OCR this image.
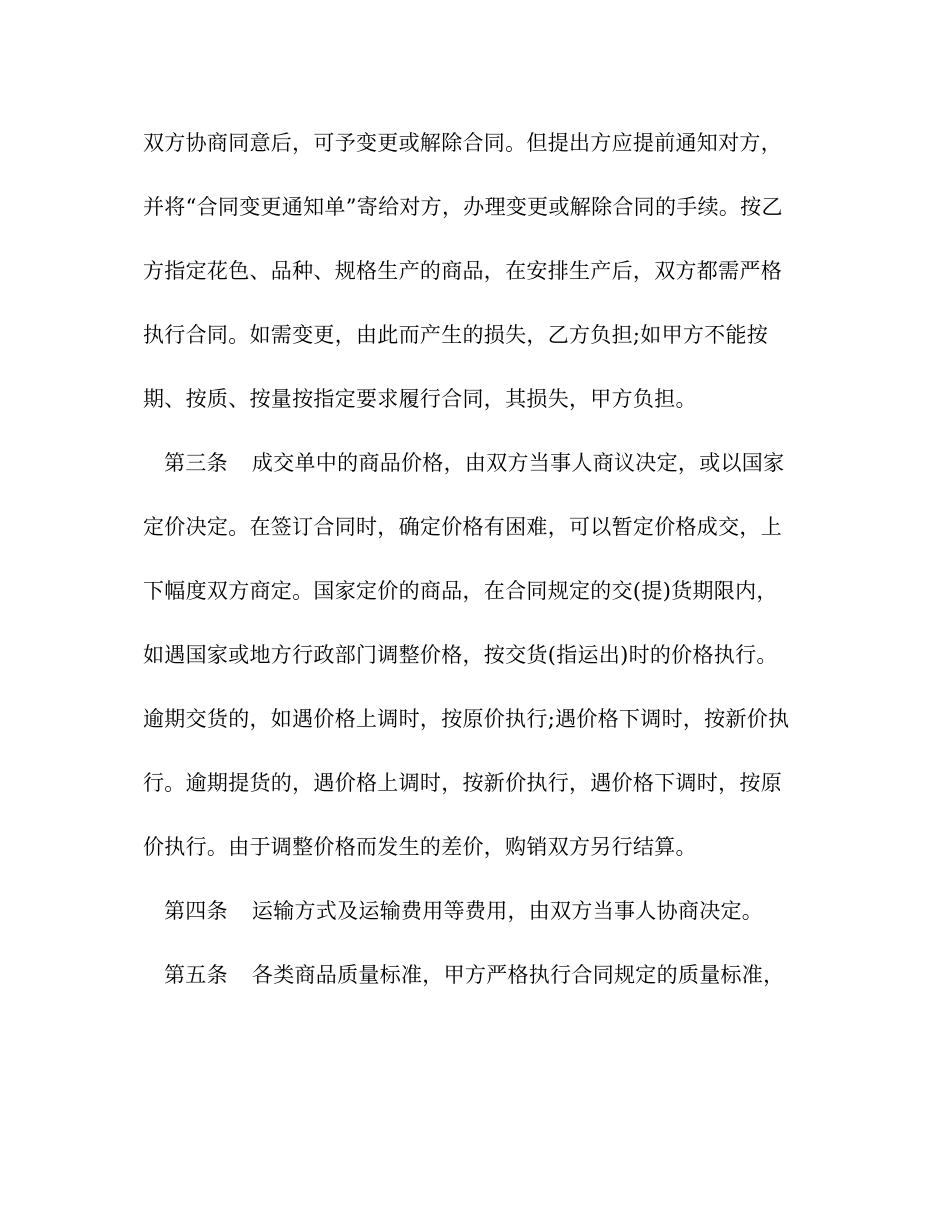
双方协商同意后，可予变更或解除合同。但提出方应提前通知对方，
并将“合同变更通知单”寄给对方，办理变更或解除合同的手续。按乙
方指定花色、品种、规格生产的商品，在安排生产后，双方都需严格
执行合同。如需变更，由此而产生的损失，乙方负担;如甲方不能按
期、按质、按量按指定要求履行合同，其损失，甲方负担。
第三条 成交单中的商品价格，由双方当事人商议决定，或以国家
定价决定。在签订合同时，确定价格有困难，可以暂定价格成交，上
下幅度双方商定。国家定价的商品，在合同规定的交(提)货期限内，
如遇国家或地方行政部门调整价格，按交货(指运出)时的价格执行。
逾期交货的，如遇价格上调时，按原价执行;遇价格下调时，按新价执
行。逾期提货的，遇价格上调时，按新价执行，遇价格下调时，按原
价执行。由于调整价格而发生的差价，购销双方另行结算。
第四条 运输方式及运输费用等费用，由双方当事人协商决定。
第五条 各类商品质量标准，甲方严格执行合同规定的质量标准，
